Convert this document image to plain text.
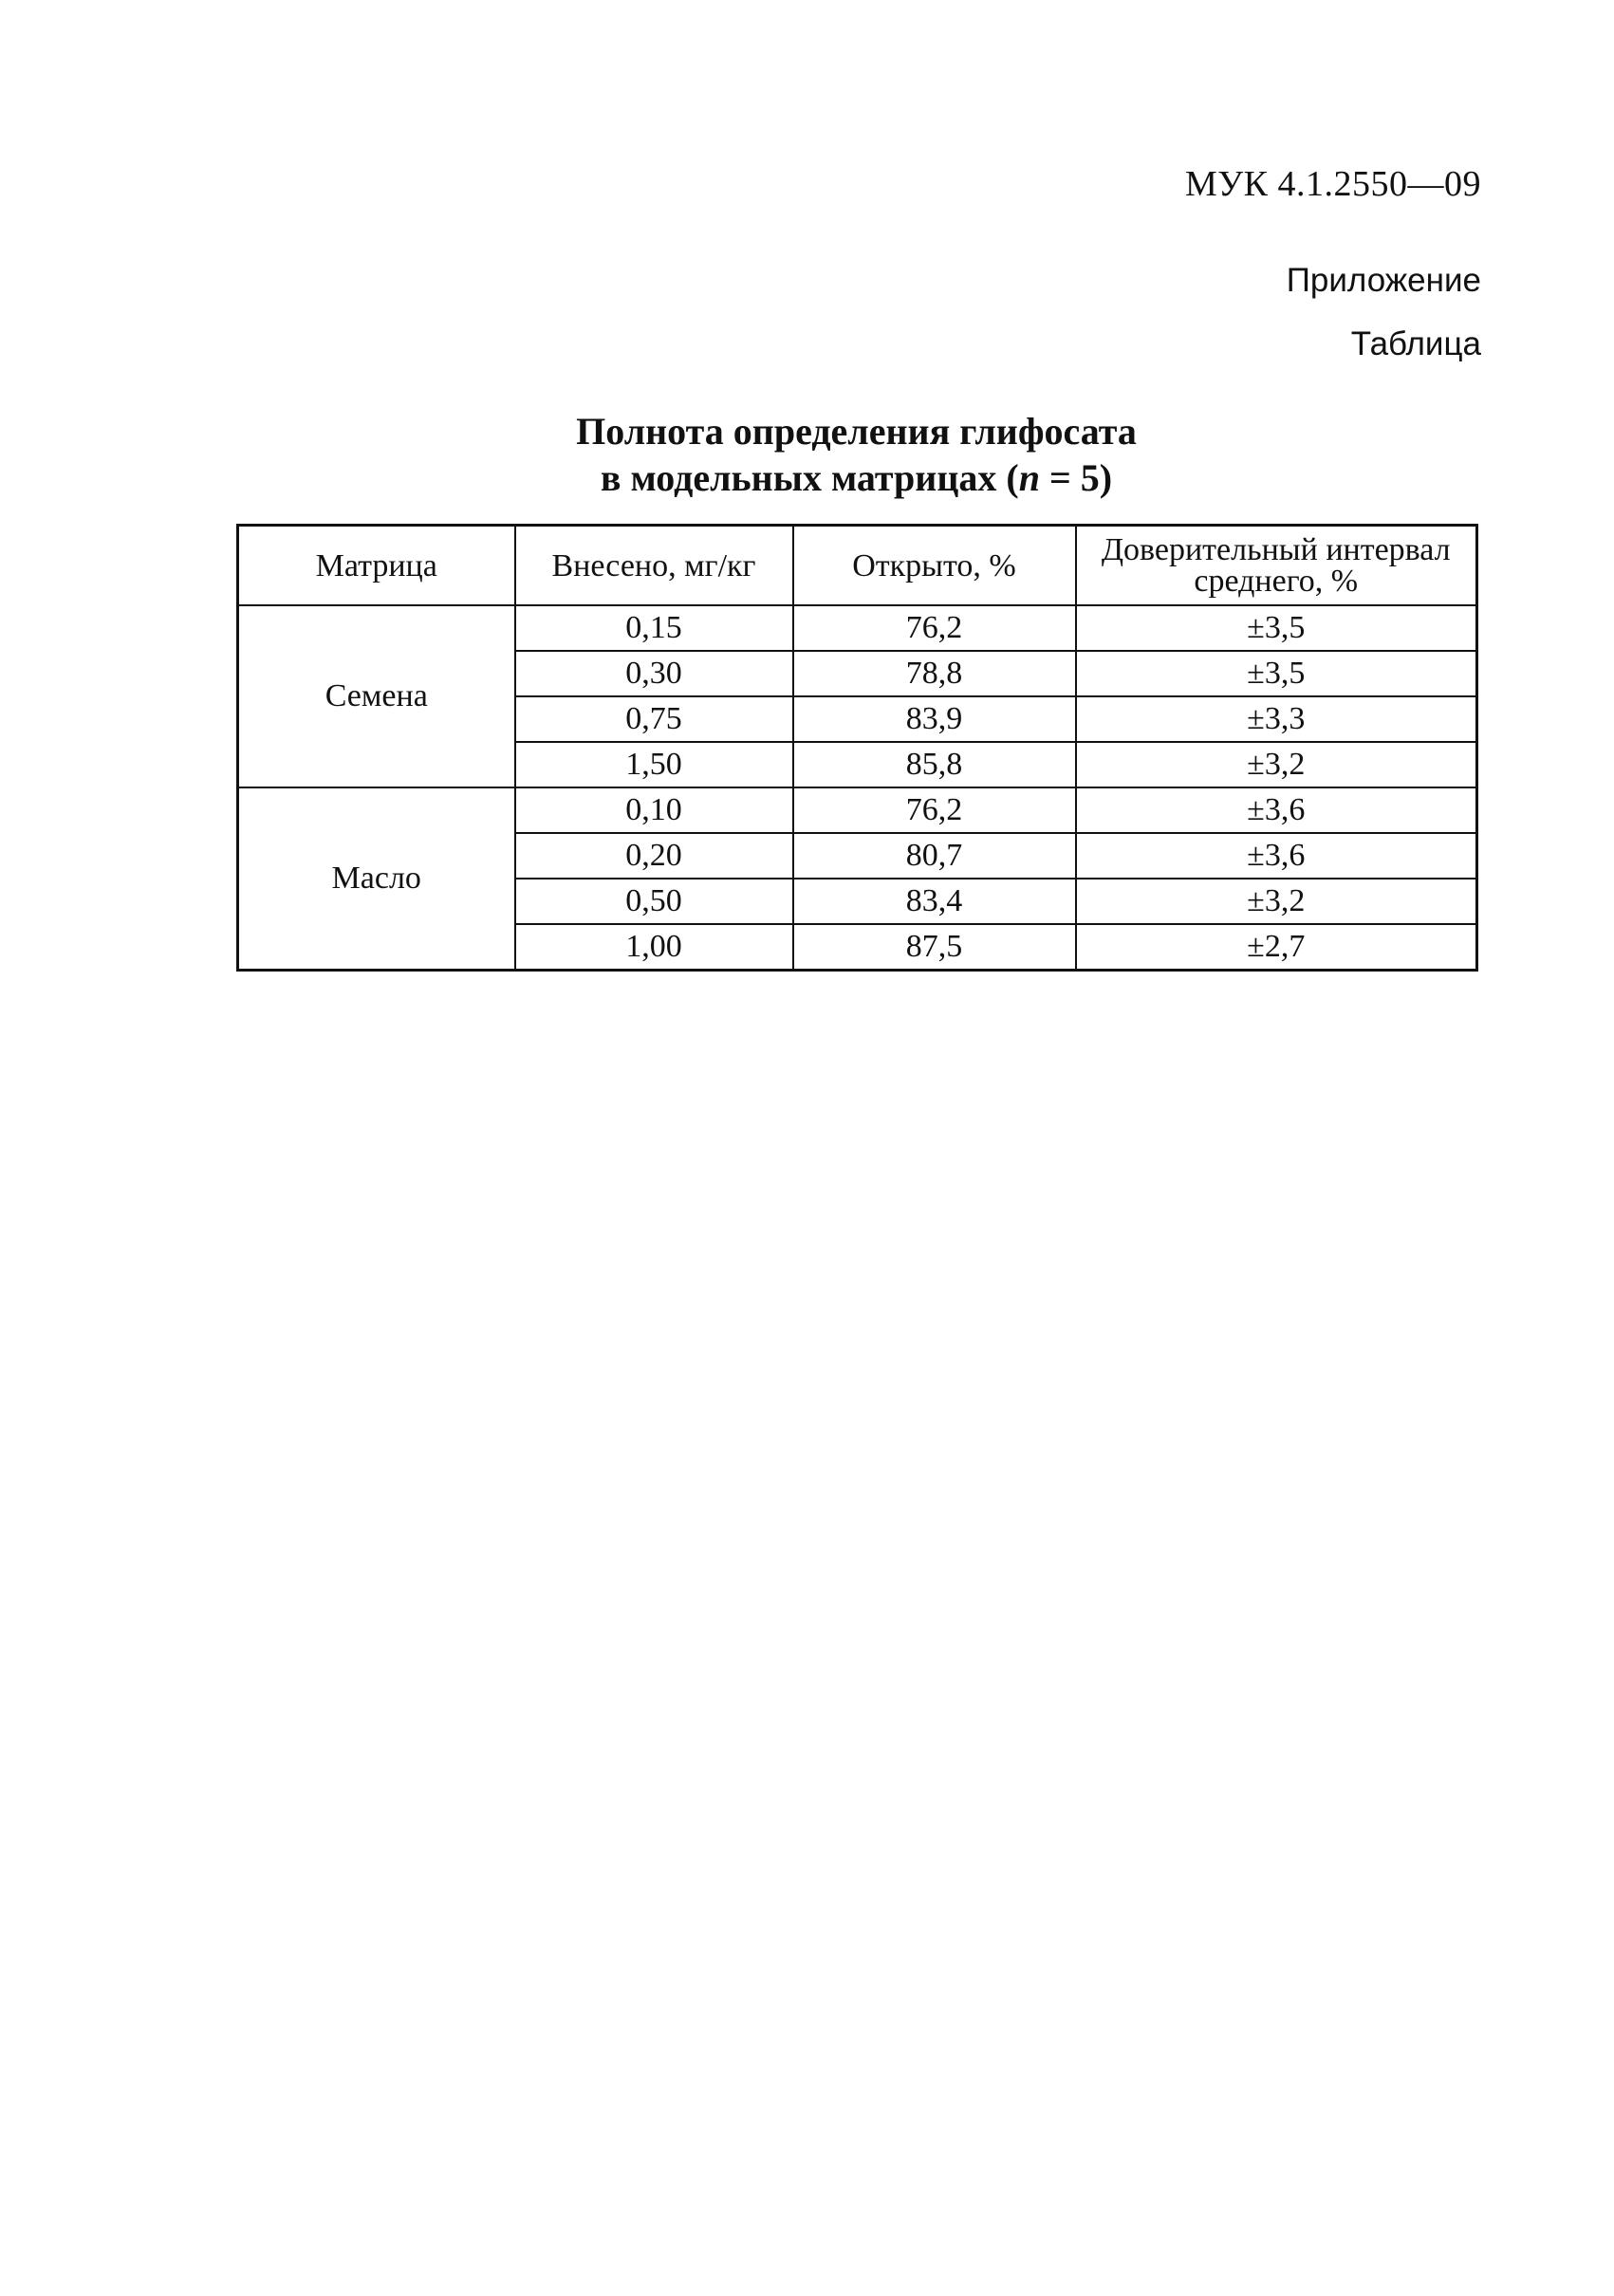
МУК 4.1.2550—09
Приложение
Таблица
Полнота определения глифосата
в модельных матрицах (n = 5)
Матрица	Внесено, мг/кг	Открыто, %	Доверительный интервал среднего, %
Семена	0,15	76,2	±3,5
	0,30	78,8	±3,5
	0,75	83,9	±3,3
	1,50	85,8	±3,2
Масло	0,10	76,2	±3,6
	0,20	80,7	±3,6
	0,50	83,4	±3,2
	1,00	87,5	±2,7
